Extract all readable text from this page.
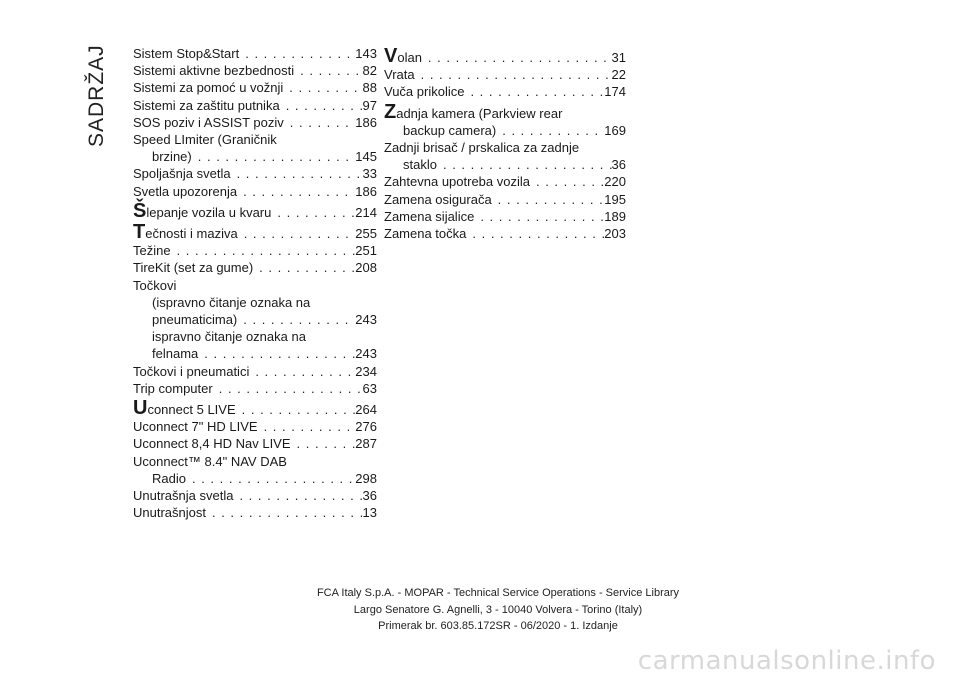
SADRŽAJ Sistem Stop&Start . . .	143
Sistemi aktivne bezbednosti . . .	82
Sistemi za pomoć u vožnji . . .	88
Sistemi za zaštitu putnika . . .	97
SOS poziv i ASSIST poziv . . .	186
Speed LImiter (Graničnik
brzine) . . .	145
Spoljašnja svetla . . .	33
Svetla upozorenja . . .	186
Š lepanje vozila u kvaru . . .	214
T ečnosti i maziva . . .	255
Težine . . .	251
TireKit (set za gume) . . .	208
Točkovi
(ispravno čitanje oznaka na
pneumaticima) . . .	243
ispravno čitanje oznaka na
felnama . . .	243
Točkovi i pneumatici . . .	234
Trip computer . . .	63
U connect 5 LIVE . . .	264
Uconnect 7" HD LIVE . . .	276
Uconnect 8,4 HD Nav LIVE . . .	287
Uconnect™ 8.4" NAV DAB
Radio . . .	298
Unutrašnja svetla . . .	36
Unutrašnjost . . .	13
V olan . . .	31
Vrata . . .	22
Vuča prikolice . . .	174
Z adnja kamera (Parkview rear
backup camera) . . .	169
Zadnji brisač / prskalica za zadnje
staklo . . .	36
Zahtevna upotreba vozila . . .	220
Zamena osigurača . . .	195
Zamena sijalice . . .	189
Zamena točka . . .	203
FCA Italy S.p.A. - MOPAR - Technical Service Operations - Service Library
Largo Senatore G. Agnelli, 3 - 10040 Volvera - Torino (Italy)
Primerak br. 603.85.172SR - 06/2020 - 1. Izdanje
carmanualsonline.info
